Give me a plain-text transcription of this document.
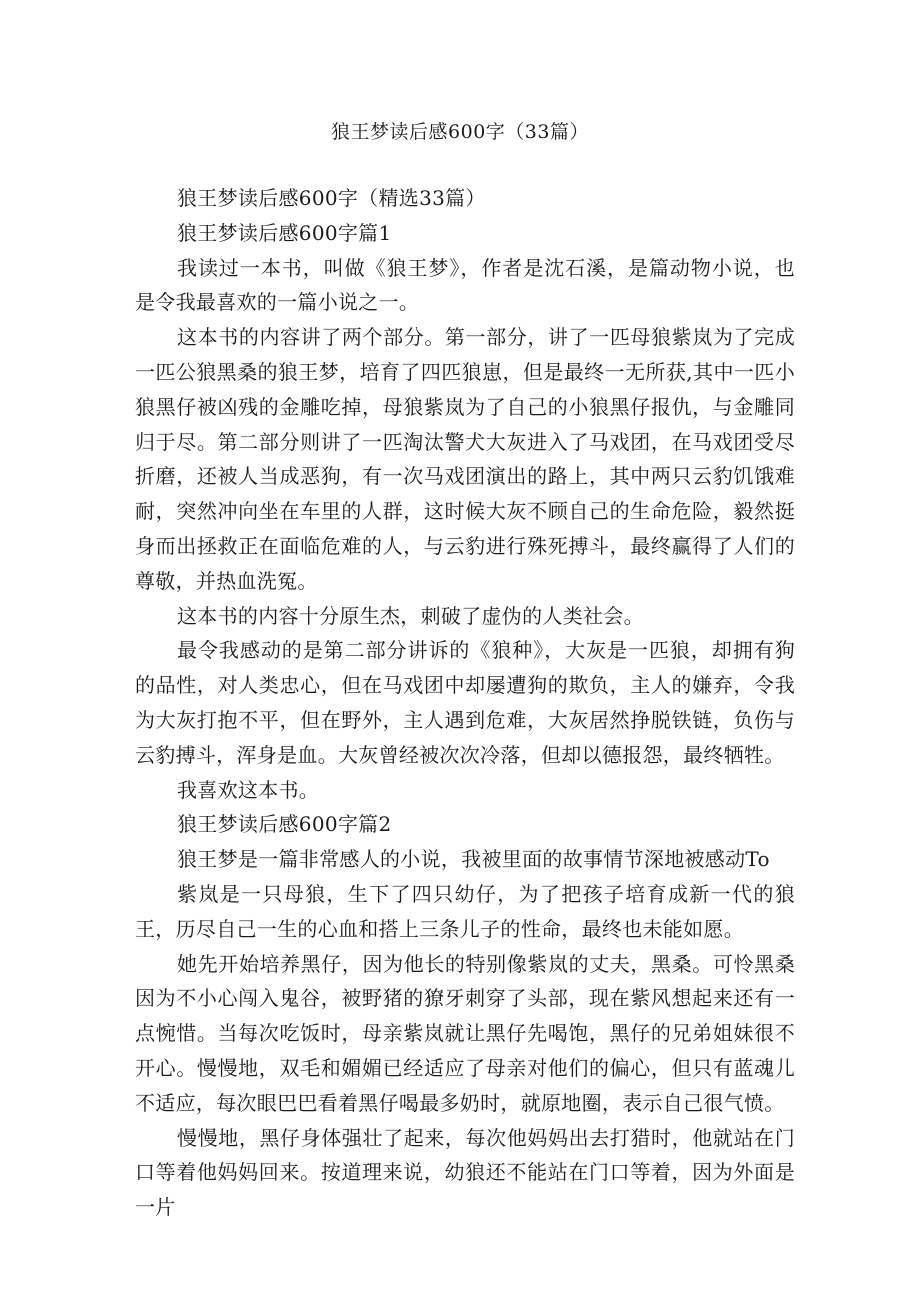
狼王梦读后感600字（33篇）

狼王梦读后感600字（精选33篇）

狼王梦读后感600字篇1

我读过一本书，叫做《狼王梦》，作者是沈石溪，是篇动物小说，也是令我最喜欢的一篇小说之一。

这本书的内容讲了两个部分。第一部分，讲了一匹母狼紫岚为了完成一匹公狼黑桑的狼王梦，培育了四匹狼崽，但是最终一无所获,其中一匹小狼黑仔被凶残的金雕吃掉，母狼紫岚为了自己的小狼黑仔报仇，与金雕同归于尽。第二部分则讲了一匹淘汰警犬大灰进入了马戏团，在马戏团受尽折磨，还被人当成恶狗，有一次马戏团演出的路上，其中两只云豹饥饿难耐，突然冲向坐在车里的人群，这时候大灰不顾自己的生命危险，毅然挺身而出拯救正在面临危难的人，与云豹进行殊死搏斗，最终赢得了人们的尊敬，并热血洗冤。

这本书的内容十分原生杰，刺破了虚伪的人类社会。

最令我感动的是第二部分讲诉的《狼种》，大灰是一匹狼，却拥有狗的品性，对人类忠心，但在马戏团中却屡遭狗的欺负，主人的嫌弃，令我为大灰打抱不平，但在野外，主人遇到危难，大灰居然挣脱铁链，负伤与云豹搏斗，浑身是血。大灰曾经被次次冷落，但却以德报怨，最终牺牲。

我喜欢这本书。

狼王梦读后感600字篇2

狼王梦是一篇非常感人的小说，我被里面的故事情节深地被感动To

紫岚是一只母狼，生下了四只幼仔，为了把孩子培育成新一代的狼王，历尽自己一生的心血和搭上三条儿子的性命，最终也未能如愿。

她先开始培养黑仔，因为他长的特别像紫岚的丈夫，黑桑。可怜黑桑因为不小心闯入鬼谷，被野猪的獠牙刺穿了头部，现在紫风想起来还有一点惋惜。当每次吃饭时，母亲紫岚就让黑仔先喝饱，黑仔的兄弟姐妹很不开心。慢慢地，双毛和媚媚已经适应了母亲对他们的偏心，但只有蓝魂儿不适应，每次眼巴巴看着黑仔喝最多奶时，就原地圈，表示自己很气愤。

慢慢地，黑仔身体强壮了起来，每次他妈妈出去打猎时，他就站在门口等着他妈妈回来。按道理来说，幼狼还不能站在门口等着，因为外面是一片
